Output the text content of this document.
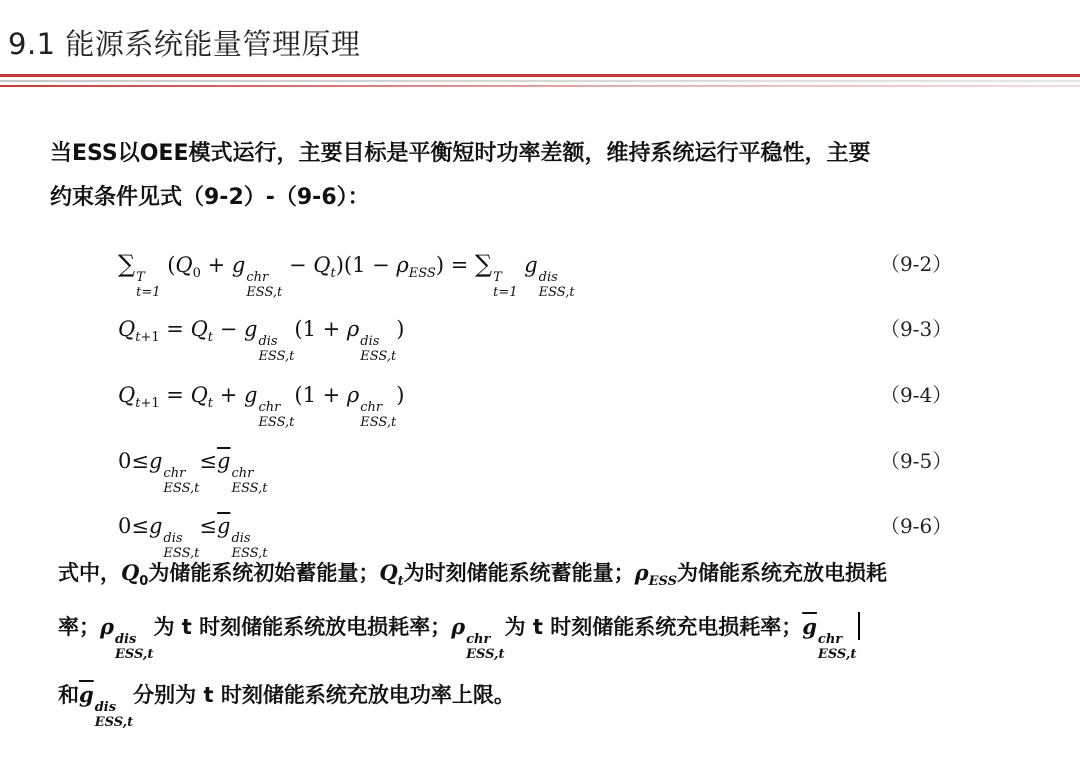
9.1 能源系统能量管理原理
当ESS以OEE模式运行，主要目标是平衡短时功率差额，维持系统运行平稳性，主要
约束条件见式（9-2）-（9-6）：
∑ T
t=1
($Q_0 + g$
chr
ESS,t
− $Q_t)(1 - \rho_{ESS})$ = ∑ T
t=1
g
dis
ESS,t
（9-2）
$Q_{t+1} = Q_t - g$
dis
ESS,t
(1 + ρ
dis
ESS,t
)	（9-3）
$Q_{t+1} = Q_t + g$
chr
ESS,t
(1 + ρ
chr
ESS,t
)	（9-4）
0≤g
chr
ESS,t
$\le\overline{g}$
chr
ESS,t
（9-5）
0≤g
dis
ESS,t
$\le\overline{g}$
dis
ESS,t
（9-6）
式中，$Q_0$为储能系统初始蓄能量；$Q_t$为时刻储能系统蓄能量；$\rho_{ESS}$为储能系统充放电损耗
率；ρ
dis
ESS,t
为 t 时刻储能系统放电损耗率；ρ
chr
ESS,t
为 t 时刻储能系统充电损耗率；$\overline{g}$
chr
ESS,t
和$\overline{g}$
dis
ESS,t
分别为 t 时刻储能系统充放电功率上限。
